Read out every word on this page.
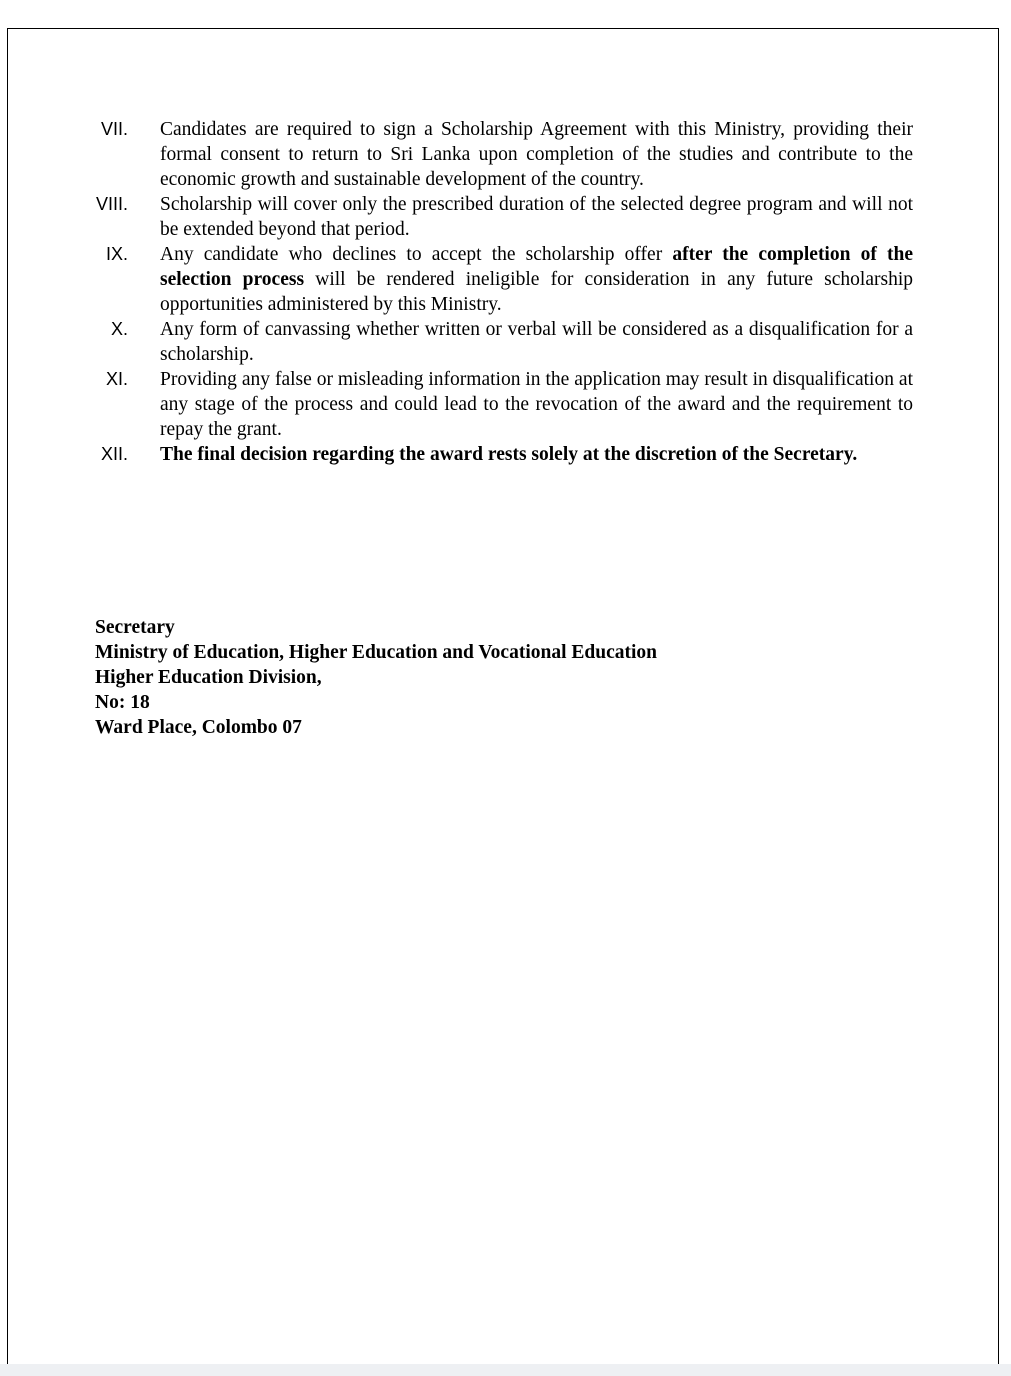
VII. Candidates are required to sign a Scholarship Agreement with this Ministry, providing their formal consent to return to Sri Lanka upon completion of the studies and contribute to the economic growth and sustainable development of the country.
VIII. Scholarship will cover only the prescribed duration of the selected degree program and will not be extended beyond that period.
IX. Any candidate who declines to accept the scholarship offer after the completion of the selection process will be rendered ineligible for consideration in any future scholarship opportunities administered by this Ministry.
X. Any form of canvassing whether written or verbal will be considered as a disqualification for a scholarship.
XI. Providing any false or misleading information in the application may result in disqualification at any stage of the process and could lead to the revocation of the award and the requirement to repay the grant.
XII. The final decision regarding the award rests solely at the discretion of the Secretary.
Secretary
Ministry of Education, Higher Education and Vocational Education
Higher Education Division,
No: 18
Ward Place, Colombo 07
